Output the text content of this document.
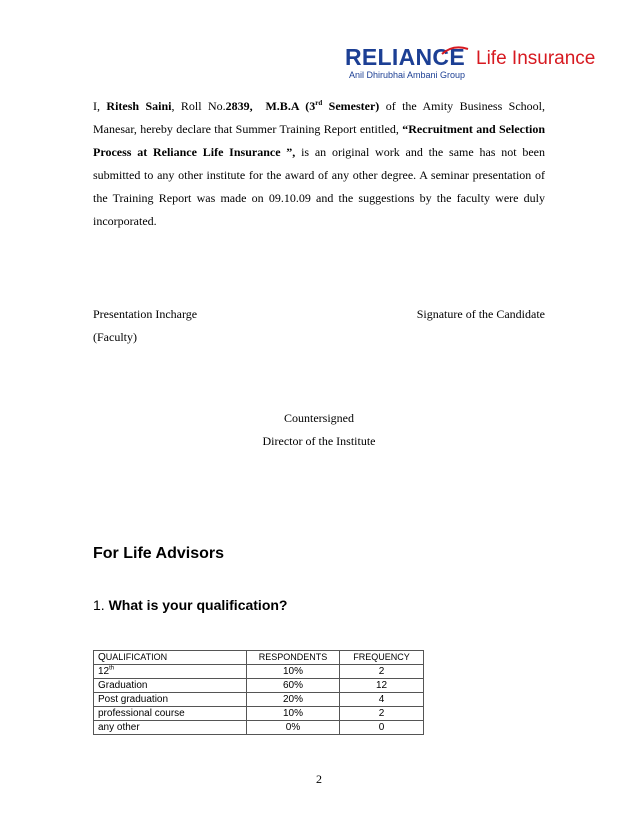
RELIANCE Life Insurance
Anil Dhirubhai Ambani Group
I, Ritesh Saini, Roll No.2839, M.B.A (3rd Semester) of the Amity Business School, Manesar, hereby declare that Summer Training Report entitled, “Recruitment and Selection Process at Reliance Life Insurance ”, is an original work and the same has not been submitted to any other institute for the award of any other degree. A seminar presentation of the Training Report was made on 09.10.09 and the suggestions by the faculty were duly incorporated.
Presentation Incharge
(Faculty)
Signature of the Candidate
Countersigned
Director of the Institute
For Life Advisors
1. What is your qualification?
QUALIFICATION	RESPONDENTS	FREQUENCY
12th	10%	2
Graduation	60%	12
Post graduation	20%	4
professional course	10%	2
any other	0%	0
2
